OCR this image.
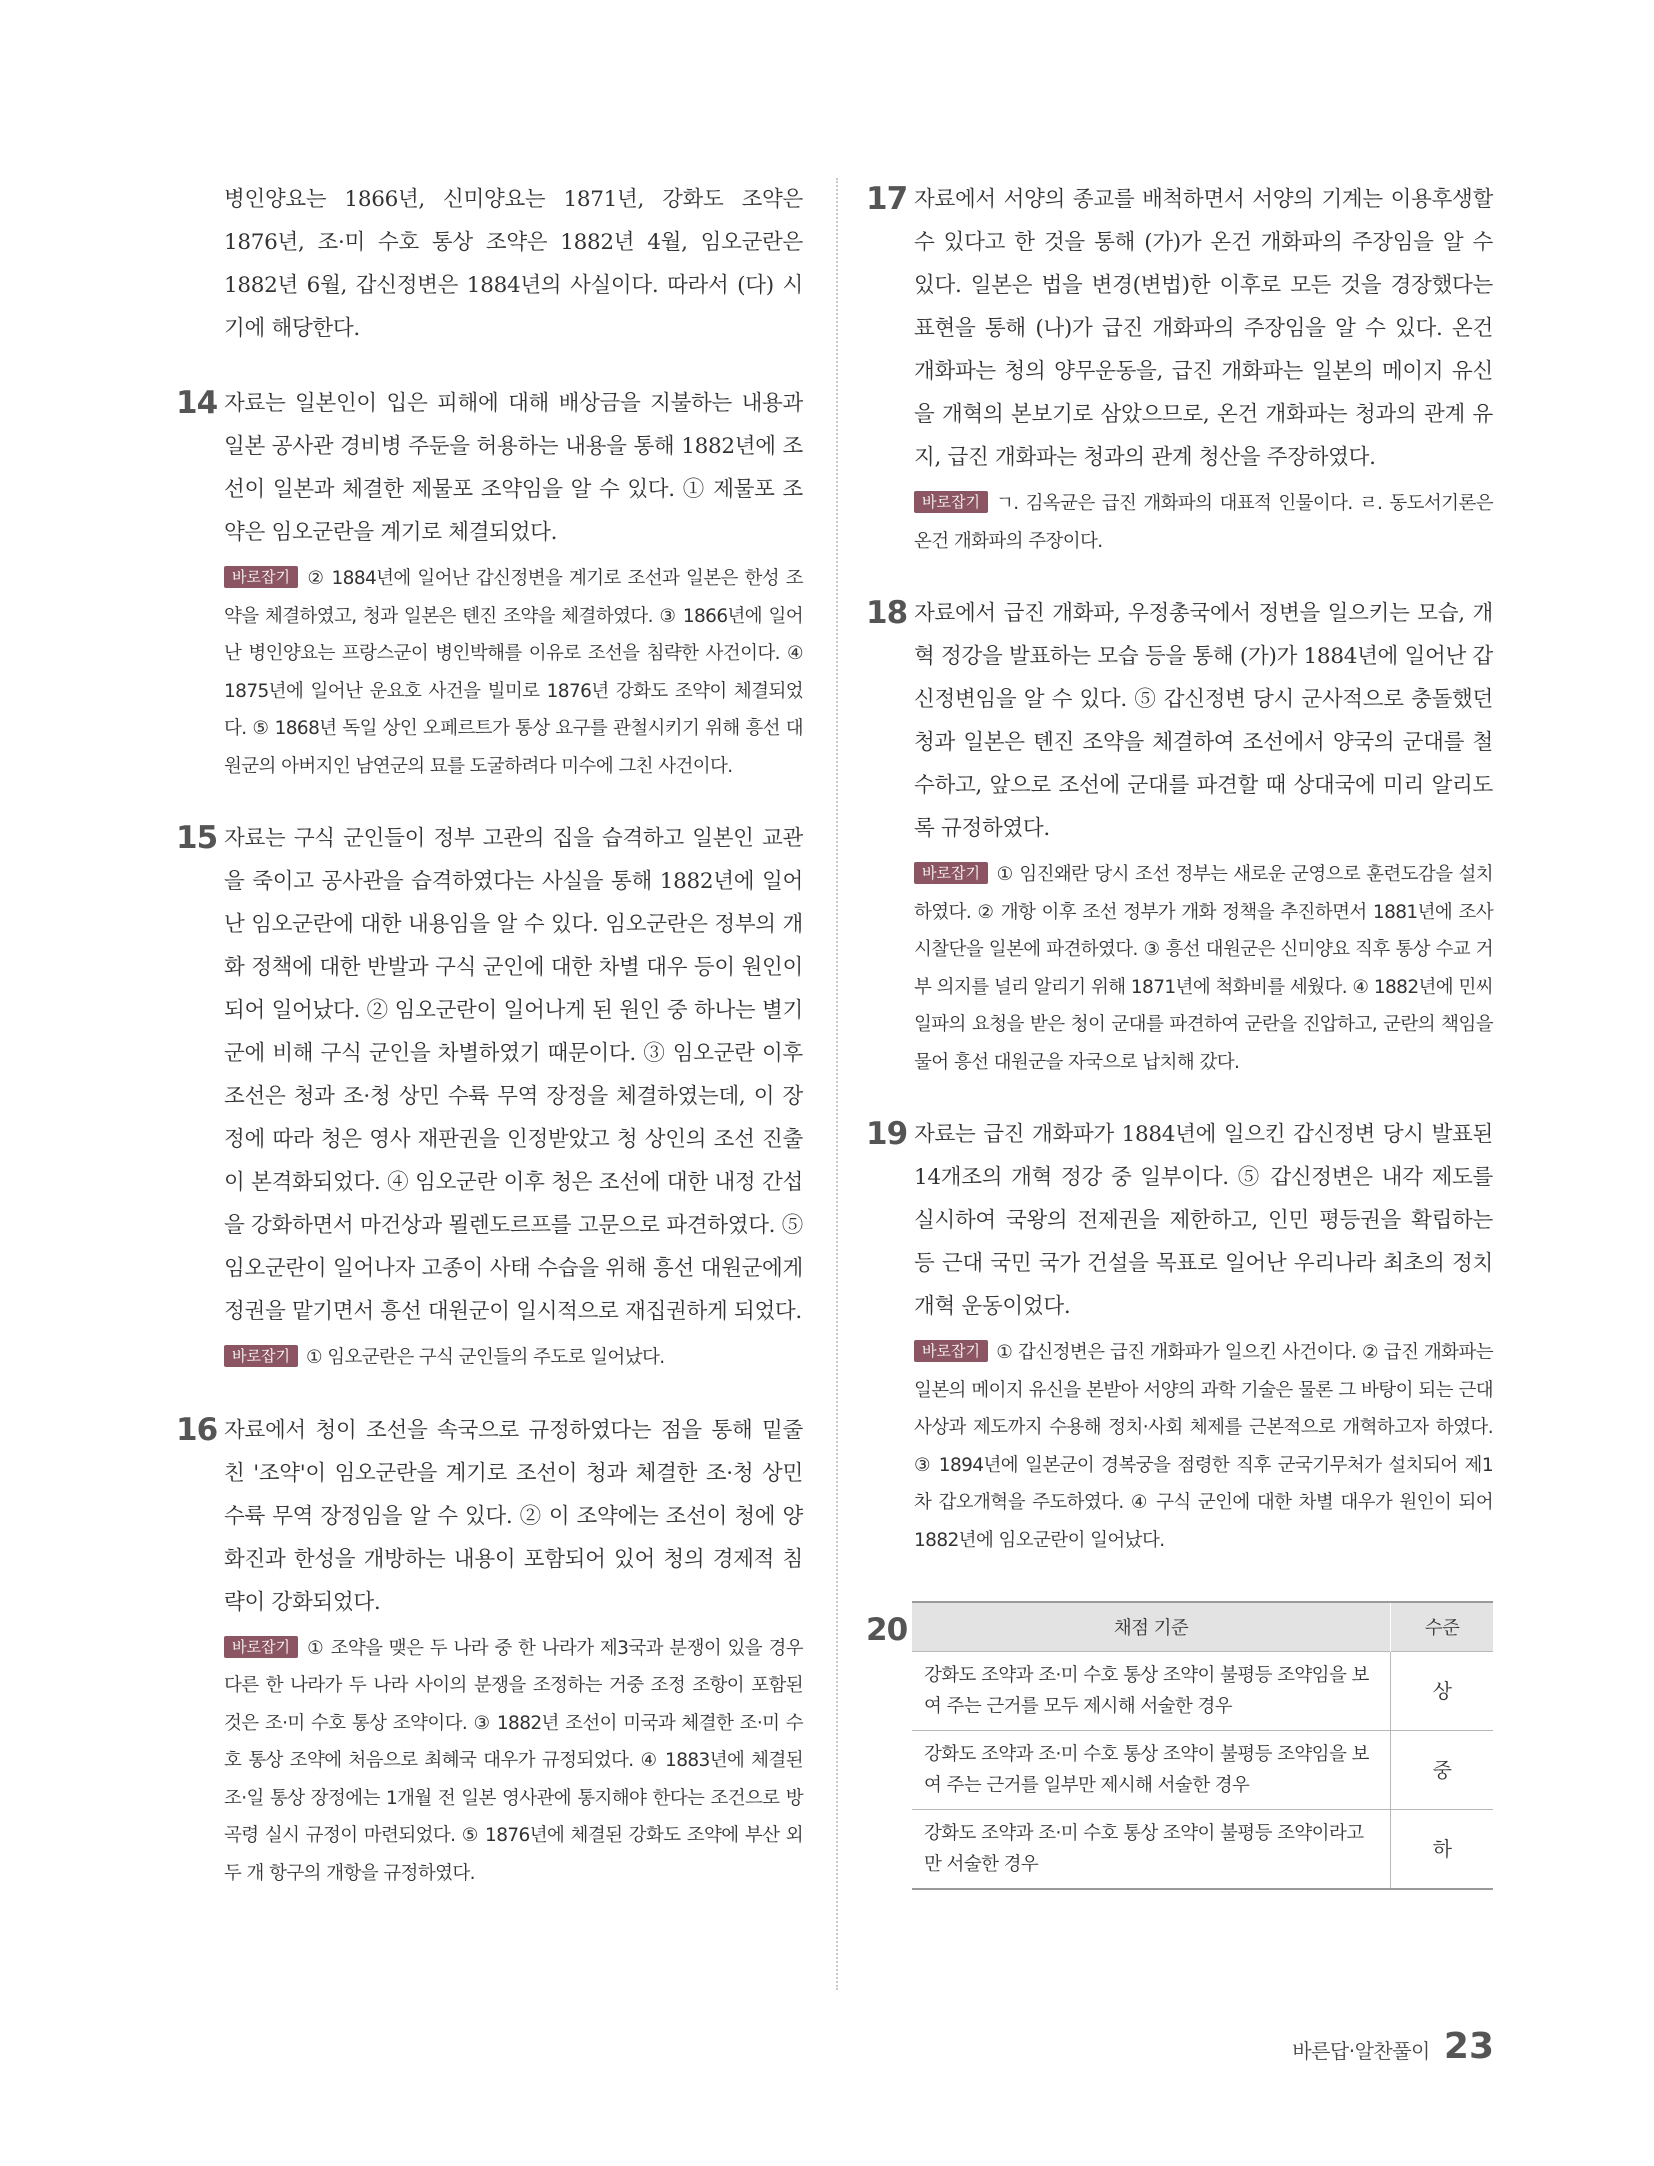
병인양요는 1866년, 신미양요는 1871년, 강화도 조약은 1876년, 조·미 수호 통상 조약은 1882년 4월, 임오군란은 1882년 6월, 갑신정변은 1884년의 사실이다. 따라서 (다) 시기에 해당한다.

14 자료는 일본인이 입은 피해에 대해 배상금을 지불하는 내용과 일본 공사관 경비병 주둔을 허용하는 내용을 통해 1882년에 조선이 일본과 체결한 제물포 조약임을 알 수 있다. ① 제물포 조약은 임오군란을 계기로 체결되었다.

바로잡기 ② 1884년에 일어난 갑신정변을 계기로 조선과 일본은 한성 조약을 체결하였고, 청과 일본은 톈진 조약을 체결하였다. ③ 1866년에 일어난 병인양요는 프랑스군이 병인박해를 이유로 조선을 침략한 사건이다. ④ 1875년에 일어난 운요호 사건을 빌미로 1876년 강화도 조약이 체결되었다. ⑤ 1868년 독일 상인 오페르트가 통상 요구를 관철시키기 위해 흥선 대원군의 아버지인 남연군의 묘를 도굴하려다 미수에 그친 사건이다.

15 자료는 구식 군인들이 정부 고관의 집을 습격하고 일본인 교관을 죽이고 공사관을 습격하였다는 사실을 통해 1882년에 일어난 임오군란에 대한 내용임을 알 수 있다. 임오군란은 정부의 개화 정책에 대한 반발과 구식 군인에 대한 차별 대우 등이 원인이 되어 일어났다. ② 임오군란이 일어나게 된 원인 중 하나는 별기군에 비해 구식 군인을 차별하였기 때문이다. ③ 임오군란 이후 조선은 청과 조·청 상민 수륙 무역 장정을 체결하였는데, 이 장정에 따라 청은 영사 재판권을 인정받았고 청 상인의 조선 진출이 본격화되었다. ④ 임오군란 이후 청은 조선에 대한 내정 간섭을 강화하면서 마건상과 묄렌도르프를 고문으로 파견하였다. ⑤ 임오군란이 일어나자 고종이 사태 수습을 위해 흥선 대원군에게 정권을 맡기면서 흥선 대원군이 일시적으로 재집권하게 되었다.

바로잡기 ① 임오군란은 구식 군인들의 주도로 일어났다.

16 자료에서 청이 조선을 속국으로 규정하였다는 점을 통해 밑줄 친 '조약'이 임오군란을 계기로 조선이 청과 체결한 조·청 상민 수륙 무역 장정임을 알 수 있다. ② 이 조약에는 조선이 청에 양화진과 한성을 개방하는 내용이 포함되어 있어 청의 경제적 침략이 강화되었다.

바로잡기 ① 조약을 맺은 두 나라 중 한 나라가 제3국과 분쟁이 있을 경우 다른 한 나라가 두 나라 사이의 분쟁을 조정하는 거중 조정 조항이 포함된 것은 조·미 수호 통상 조약이다. ③ 1882년 조선이 미국과 체결한 조·미 수호 통상 조약에 처음으로 최혜국 대우가 규정되었다. ④ 1883년에 체결된 조·일 통상 장정에는 1개월 전 일본 영사관에 통지해야 한다는 조건으로 방곡령 실시 규정이 마련되었다. ⑤ 1876년에 체결된 강화도 조약에 부산 외 두 개 항구의 개항을 규정하였다.

17 자료에서 서양의 종교를 배척하면서 서양의 기계는 이용후생할 수 있다고 한 것을 통해 (가)가 온건 개화파의 주장임을 알 수 있다. 일본은 법을 변경(변법)한 이후로 모든 것을 경장했다는 표현을 통해 (나)가 급진 개화파의 주장임을 알 수 있다. 온건 개화파는 청의 양무운동을, 급진 개화파는 일본의 메이지 유신을 개혁의 본보기로 삼았으므로, 온건 개화파는 청과의 관계 유지, 급진 개화파는 청과의 관계 청산을 주장하였다.

바로잡기 ㄱ. 김옥균은 급진 개화파의 대표적 인물이다. ㄹ. 동도서기론은 온건 개화파의 주장이다.

18 자료에서 급진 개화파, 우정총국에서 정변을 일으키는 모습, 개혁 정강을 발표하는 모습 등을 통해 (가)가 1884년에 일어난 갑신정변임을 알 수 있다. ⑤ 갑신정변 당시 군사적으로 충돌했던 청과 일본은 톈진 조약을 체결하여 조선에서 양국의 군대를 철수하고, 앞으로 조선에 군대를 파견할 때 상대국에 미리 알리도록 규정하였다.

바로잡기 ① 임진왜란 당시 조선 정부는 새로운 군영으로 훈련도감을 설치하였다. ② 개항 이후 조선 정부가 개화 정책을 추진하면서 1881년에 조사 시찰단을 일본에 파견하였다. ③ 흥선 대원군은 신미양요 직후 통상 수교 거부 의지를 널리 알리기 위해 1871년에 척화비를 세웠다. ④ 1882년에 민씨 일파의 요청을 받은 청이 군대를 파견하여 군란을 진압하고, 군란의 책임을 물어 흥선 대원군을 자국으로 납치해 갔다.

19 자료는 급진 개화파가 1884년에 일으킨 갑신정변 당시 발표된 14개조의 개혁 정강 중 일부이다. ⑤ 갑신정변은 내각 제도를 실시하여 국왕의 전제권을 제한하고, 인민 평등권을 확립하는 등 근대 국민 국가 건설을 목표로 일어난 우리나라 최초의 정치 개혁 운동이었다.

바로잡기 ① 갑신정변은 급진 개화파가 일으킨 사건이다. ② 급진 개화파는 일본의 메이지 유신을 본받아 서양의 과학 기술은 물론 그 바탕이 되는 근대 사상과 제도까지 수용해 정치·사회 체제를 근본적으로 개혁하고자 하였다. ③ 1894년에 일본군이 경복궁을 점령한 직후 군국기무처가 설치되어 제1차 갑오개혁을 주도하였다. ④ 구식 군인에 대한 차별 대우가 원인이 되어 1882년에 임오군란이 일어났다.

20	채점 기준	수준
강화도 조약과 조·미 수호 통상 조약이 불평등 조약임을 보여 주는 근거를 모두 제시해 서술한 경우	상
강화도 조약과 조·미 수호 통상 조약이 불평등 조약임을 보여 주는 근거를 일부만 제시해 서술한 경우	중
강화도 조약과 조·미 수호 통상 조약이 불평등 조약이라고만 서술한 경우	하
바른답·알찬풀이 23
